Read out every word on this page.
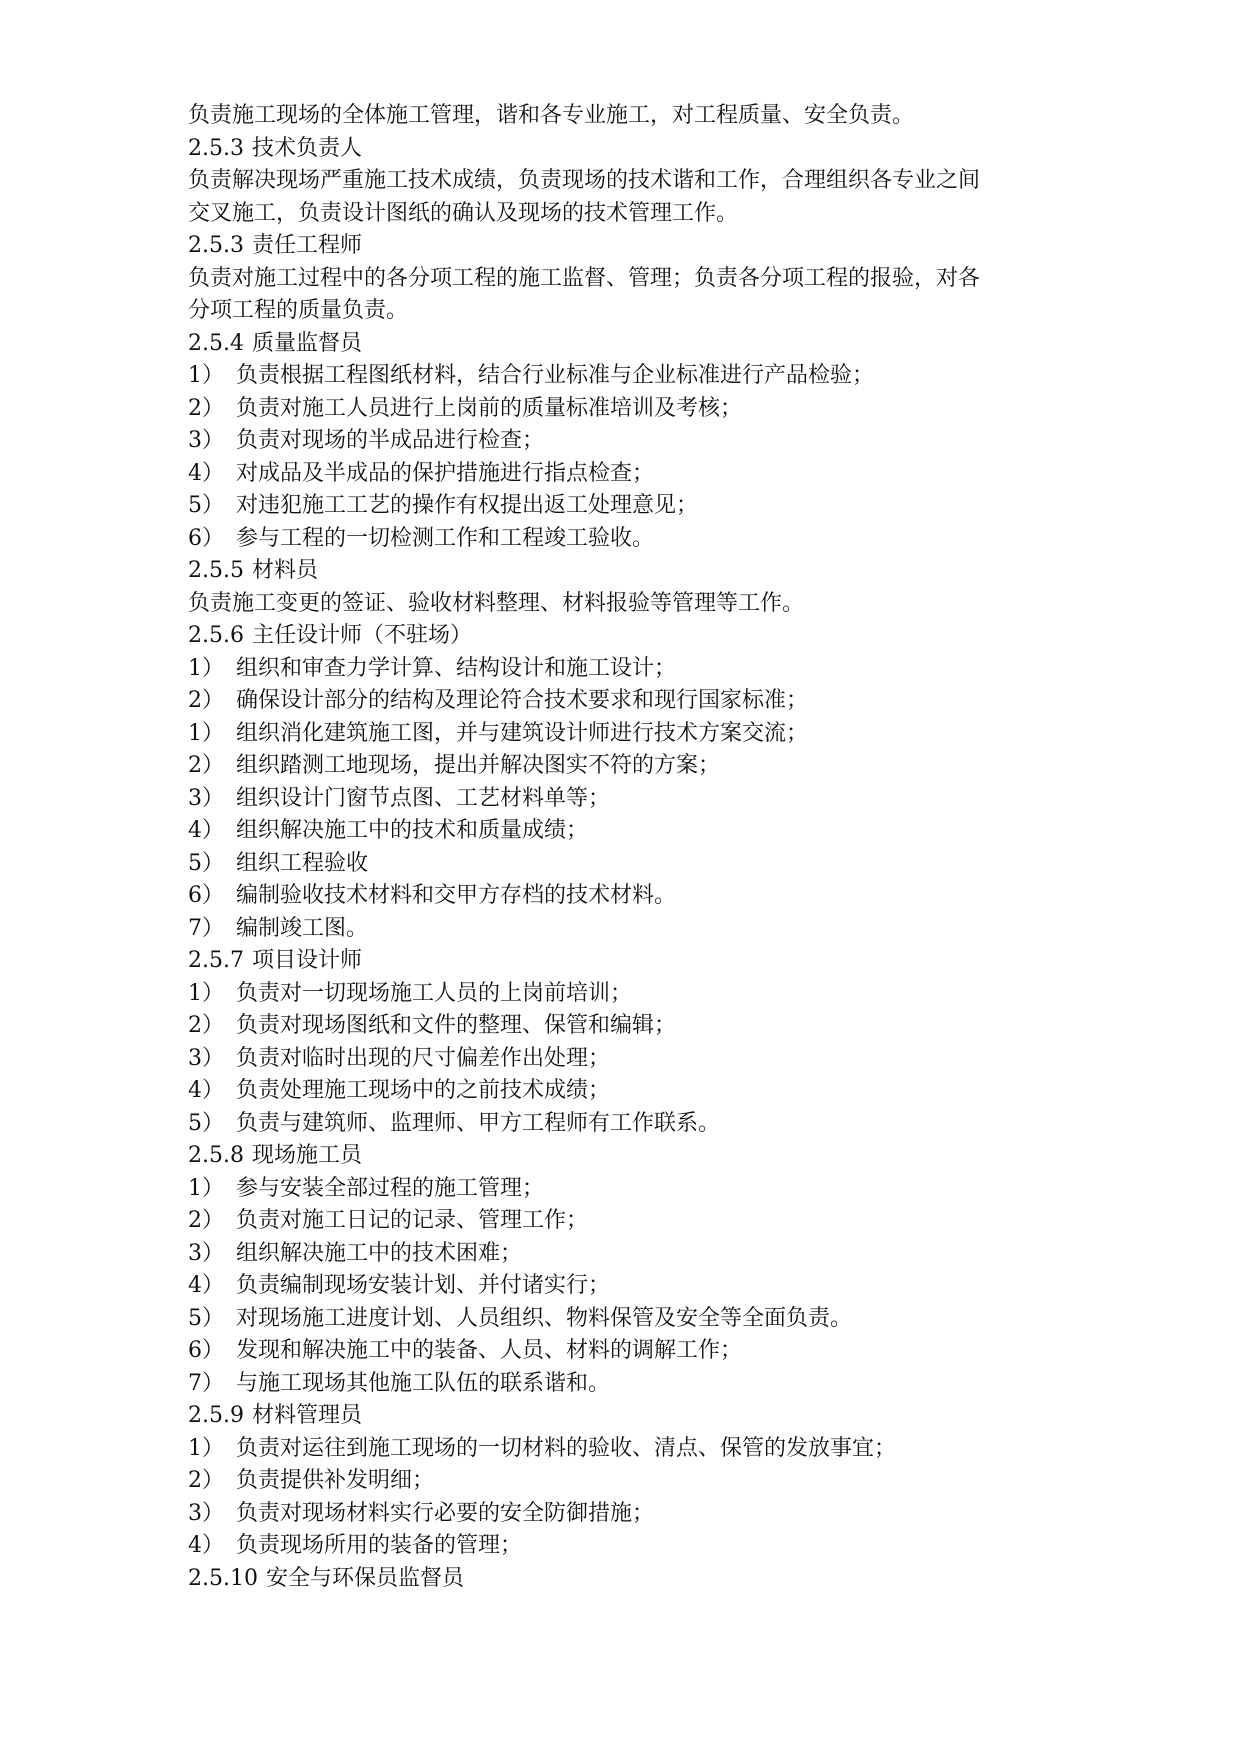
负责施工现场的全体施工管理，谐和各专业施工，对工程质量、安全负责。
2.5.3 技术负责人
负责解决现场严重施工技术成绩，负责现场的技术谐和工作，合理组织各专业之间
交叉施工，负责设计图纸的确认及现场的技术管理工作。
2.5.3 责任工程师
负责对施工过程中的各分项工程的施工监督、管理；负责各分项工程的报验，对各
分项工程的质量负责。
2.5.4 质量监督员
1） 负责根据工程图纸材料，结合行业标准与企业标准进行产品检验；
2） 负责对施工人员进行上岗前的质量标准培训及考核；
3） 负责对现场的半成品进行检查；
4） 对成品及半成品的保护措施进行指点检查；
5） 对违犯施工工艺的操作有权提出返工处理意见；
6） 参与工程的一切检测工作和工程竣工验收。
2.5.5 材料员
负责施工变更的签证、验收材料整理、材料报验等管理等工作。
2.5.6 主任设计师（不驻场）
1） 组织和审查力学计算、结构设计和施工设计；
2） 确保设计部分的结构及理论符合技术要求和现行国家标准；
1） 组织消化建筑施工图，并与建筑设计师进行技术方案交流；
2） 组织踏测工地现场，提出并解决图实不符的方案；
3） 组织设计门窗节点图、工艺材料单等；
4） 组织解决施工中的技术和质量成绩；
5） 组织工程验收
6） 编制验收技术材料和交甲方存档的技术材料。
7） 编制竣工图。
2.5.7 项目设计师
1） 负责对一切现场施工人员的上岗前培训；
2） 负责对现场图纸和文件的整理、保管和编辑；
3） 负责对临时出现的尺寸偏差作出处理；
4） 负责处理施工现场中的之前技术成绩；
5） 负责与建筑师、监理师、甲方工程师有工作联系。
2.5.8 现场施工员
1） 参与安装全部过程的施工管理；
2） 负责对施工日记的记录、管理工作；
3） 组织解决施工中的技术困难；
4） 负责编制现场安装计划、并付诸实行；
5） 对现场施工进度计划、人员组织、物料保管及安全等全面负责。
6） 发现和解决施工中的装备、人员、材料的调解工作；
7） 与施工现场其他施工队伍的联系谐和。
2.5.9 材料管理员
1） 负责对运往到施工现场的一切材料的验收、清点、保管的发放事宜；
2） 负责提供补发明细；
3） 负责对现场材料实行必要的安全防御措施；
4） 负责现场所用的装备的管理；
2.5.10 安全与环保员监督员
